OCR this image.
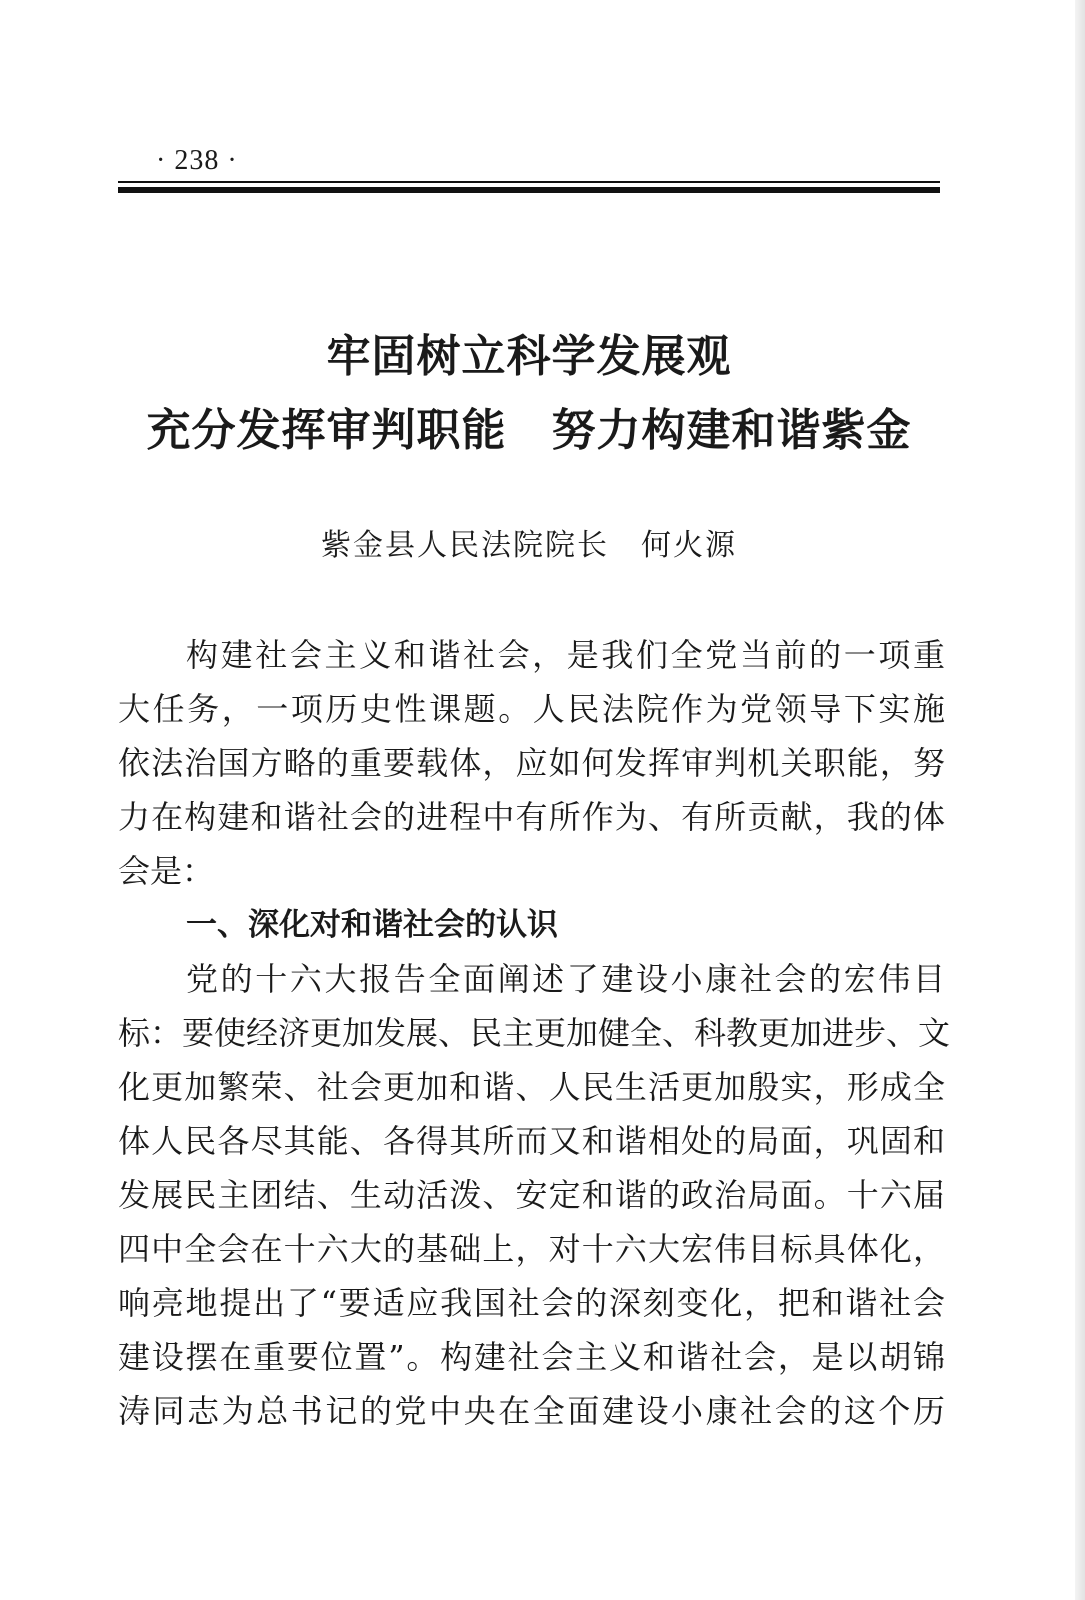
· 238 ·
牢固树立科学发展观
充分发挥审判职能　努力构建和谐紫金
紫金县人民法院院长　何火源
构建社会主义和谐社会，是我们全党当前的一项重
大任务，一项历史性课题。人民法院作为党领导下实施
依法治国方略的重要载体，应如何发挥审判机关职能，努
力在构建和谐社会的进程中有所作为、有所贡献，我的体
会是：
一、深化对和谐社会的认识
党的十六大报告全面阐述了建设小康社会的宏伟目
标：要使经济更加发展、民主更加健全、科教更加进步、文
化更加繁荣、社会更加和谐、人民生活更加殷实，形成全
体人民各尽其能、各得其所而又和谐相处的局面，巩固和
发展民主团结、生动活泼、安定和谐的政治局面。十六届
四中全会在十六大的基础上，对十六大宏伟目标具体化，
响亮地提出了“要适应我国社会的深刻变化，把和谐社会
建设摆在重要位置”。构建社会主义和谐社会，是以胡锦
涛同志为总书记的党中央在全面建设小康社会的这个历
